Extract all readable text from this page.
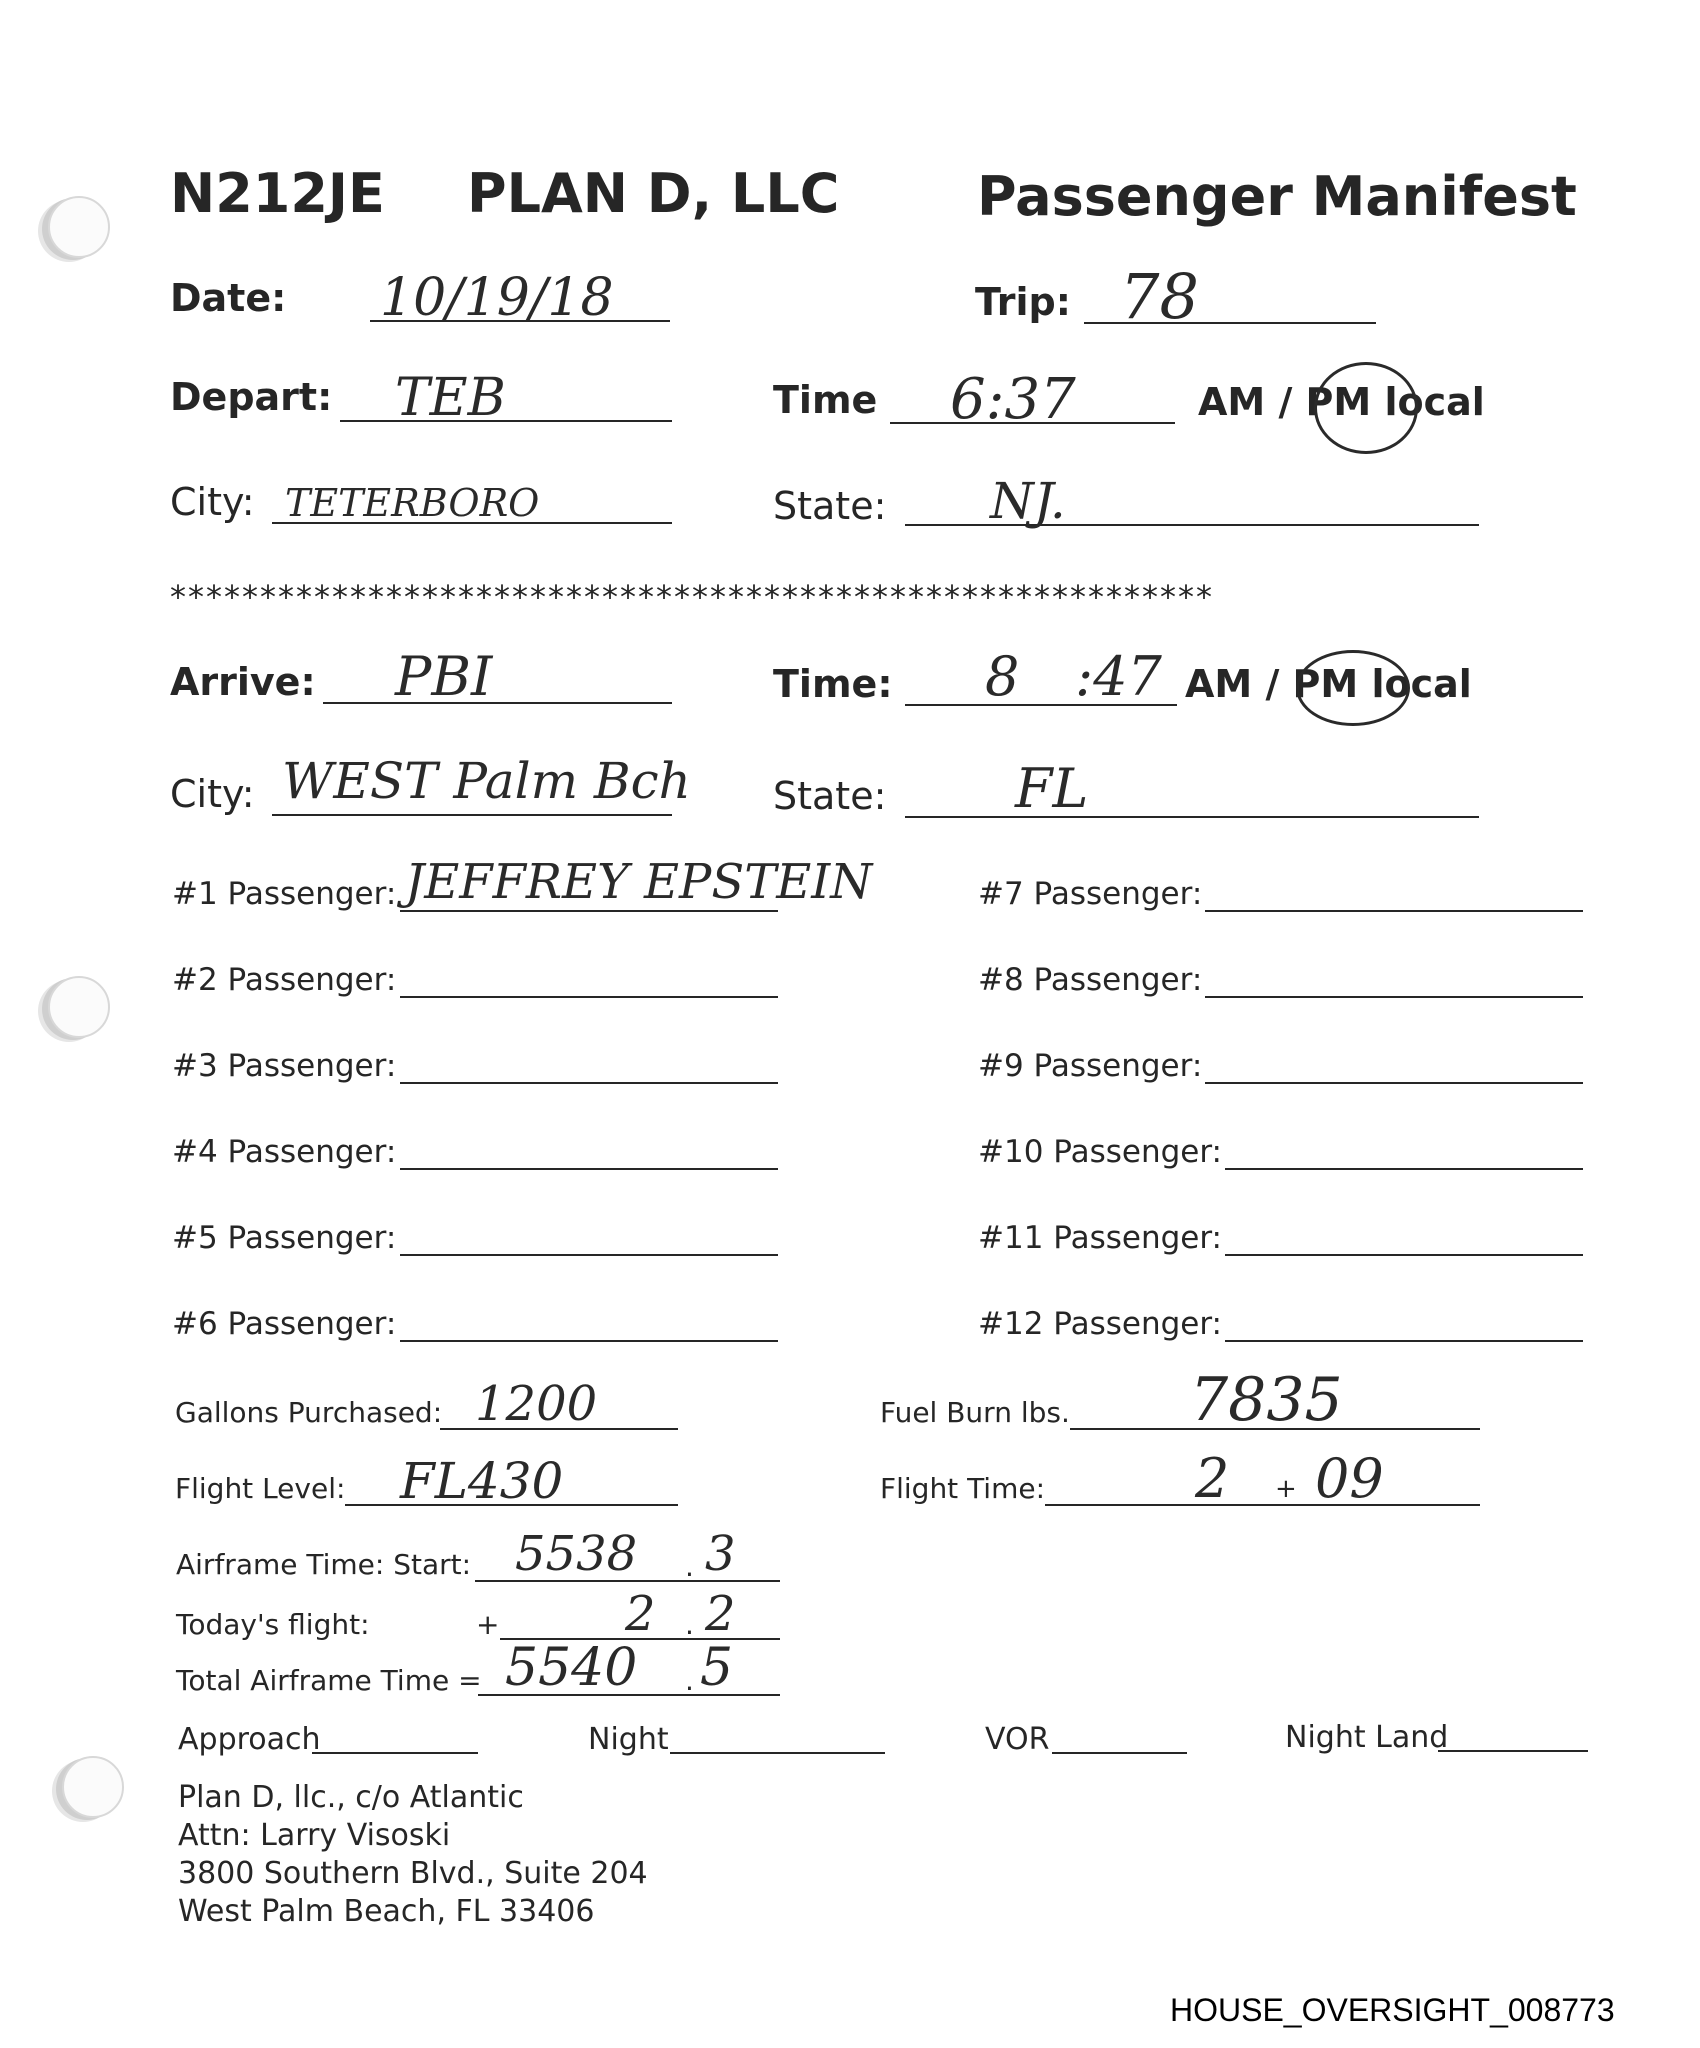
N212JE PLAN D, LLC	Passenger Manifest
Date: 10/19/18	Trip: 78
Depart: TEB	Time 6:37	AM / PM local
City: TETERBORO	State: NJ.
**********************************************************
Arrive: PBI	Time: 8 :47 AM / PM local
City: WEST Palm Bch State: FL
#1 Passenger: JEFFREY EPSTEIN
#2 Passenger:
#3 Passenger:
#4 Passenger:
#5 Passenger:
#6 Passenger:
#7 Passenger:
#8 Passenger:
#9 Passenger:
#10 Passenger:
#11 Passenger:
#12 Passenger:
Gallons Purchased: 1200	Fuel Burn lbs. 7835
Flight Level: FL430	Flight Time:	2 + 09
Airframe Time: Start: 5538 . 3
Today's flight:	+	2 . 2
Total Airframe Time = 5540 . 5
Approach	Night	VOR	Night Land
Plan D, llc., c/o Atlantic
Attn: Larry Visoski
3800 Southern Blvd., Suite 204
West Palm Beach, FL 33406
HOUSE_OVERSIGHT_008773
